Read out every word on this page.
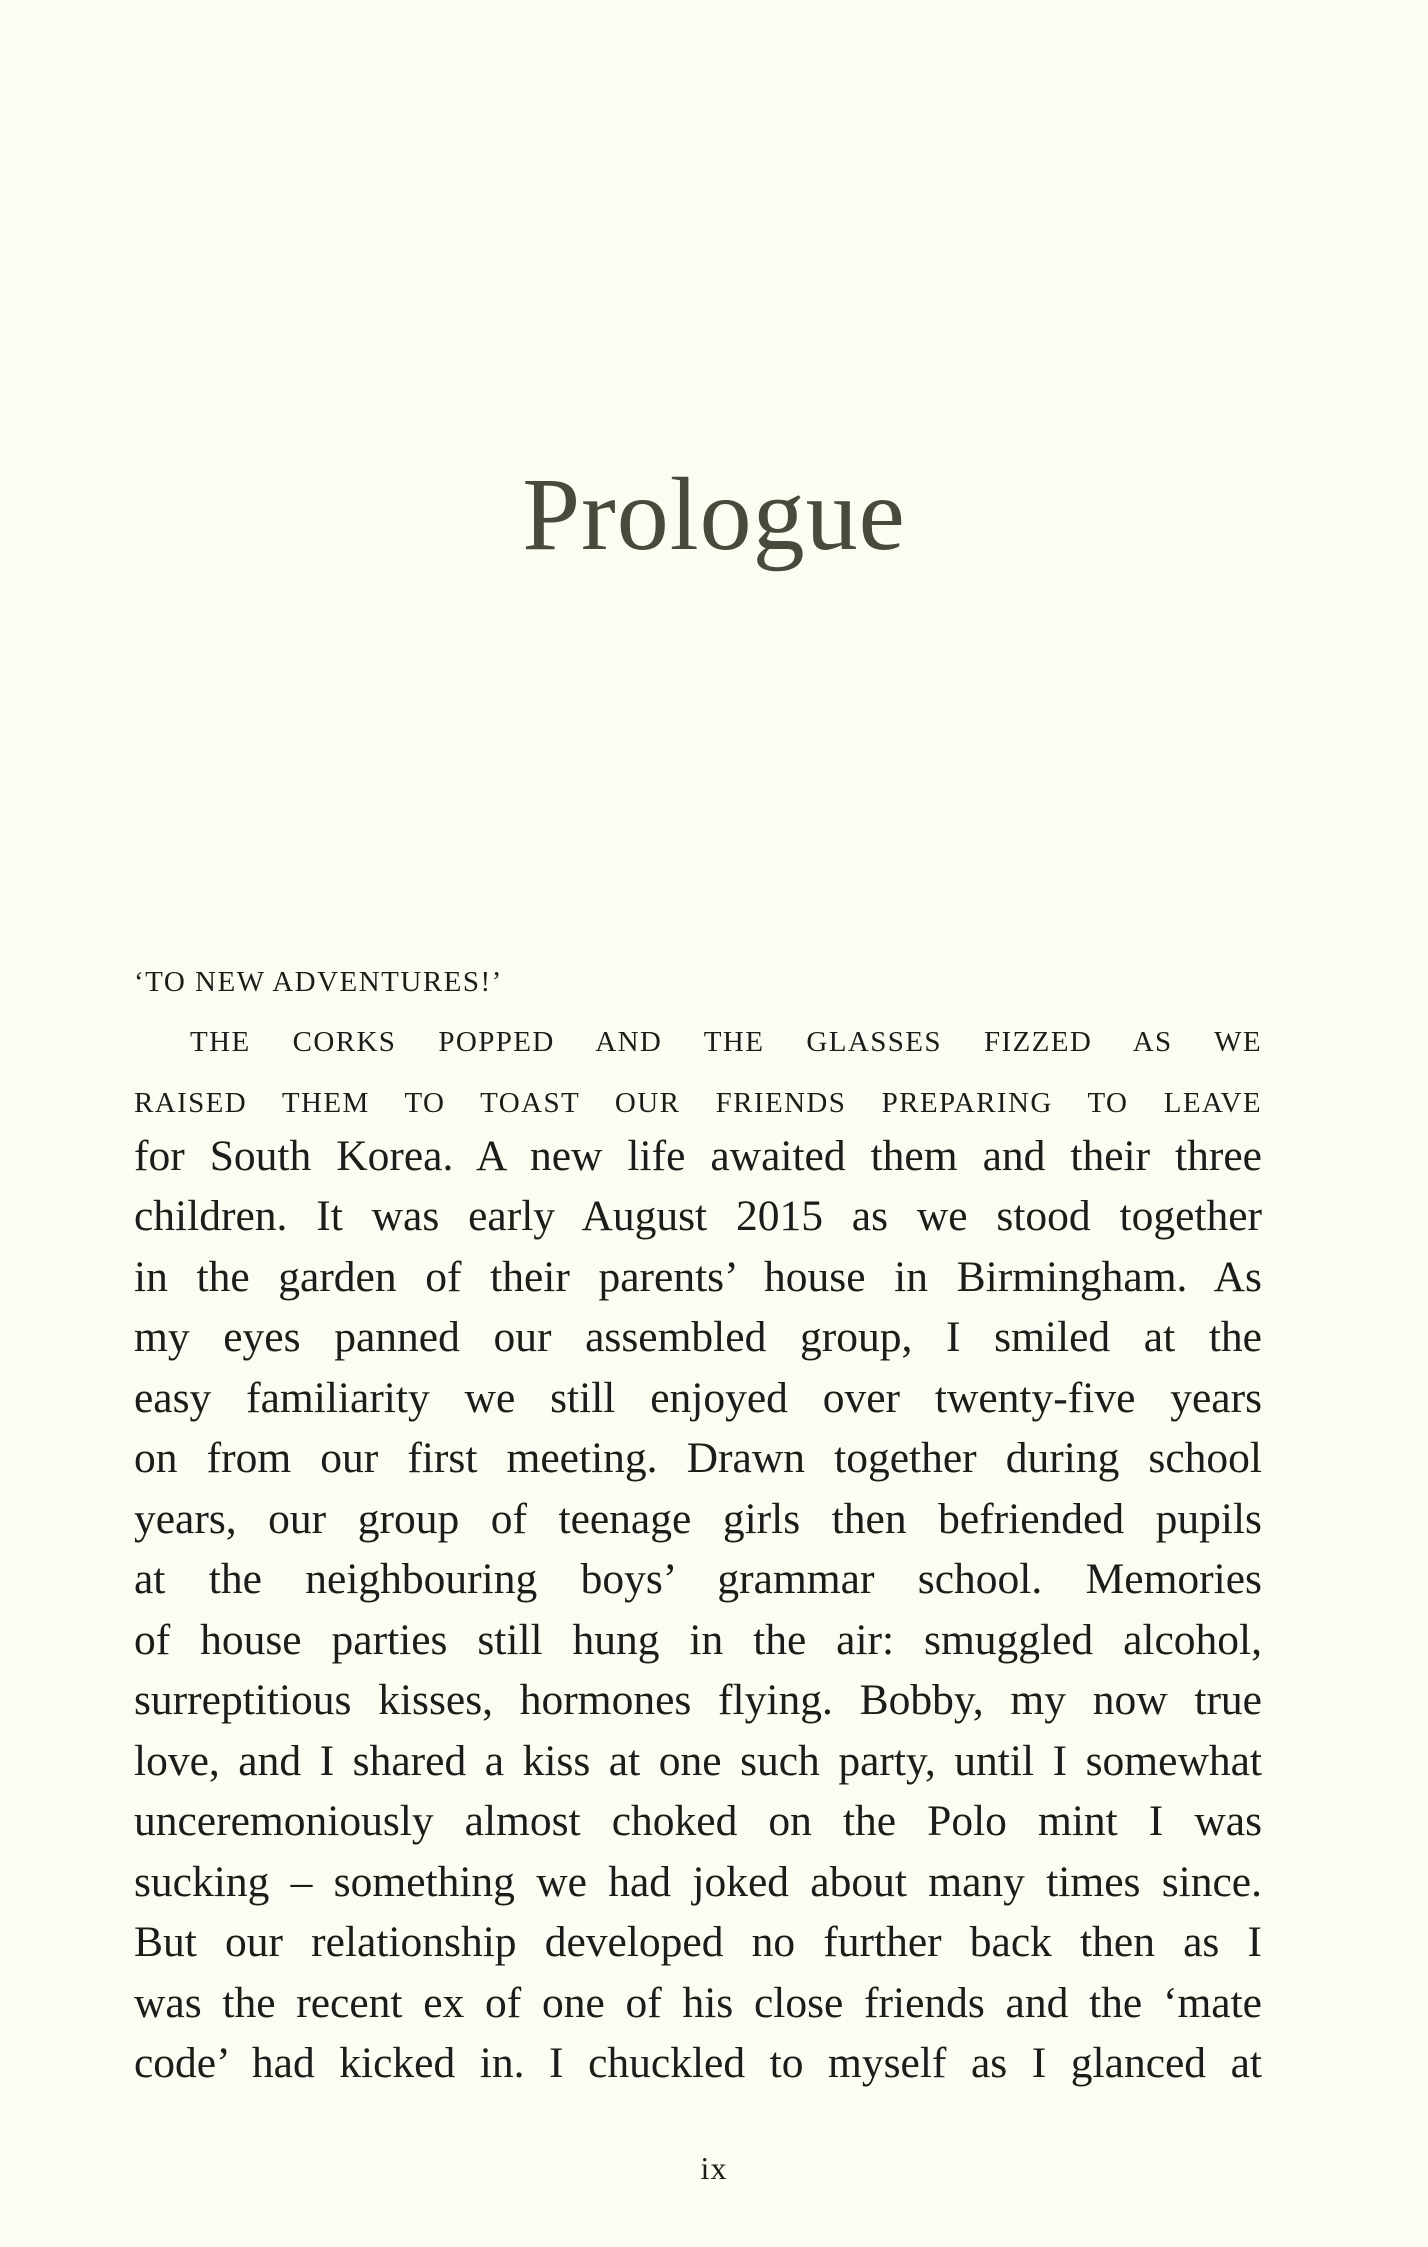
Prologue
‘TO NEW ADVENTURES!’
THE CORKS POPPED AND THE GLASSES FIZZED AS WE
RAISED THEM TO TOAST OUR FRIENDS PREPARING TO LEAVE
for South Korea. A new life awaited them and their three
children. It was early August 2015 as we stood together
in the garden of their parents’ house in Birmingham. As
my eyes panned our assembled group, I smiled at the
easy familiarity we still enjoyed over twenty-five years
on from our first meeting. Drawn together during school
years, our group of teenage girls then befriended pupils
at the neighbouring boys’ grammar school. Memories
of house parties still hung in the air: smuggled alcohol,
surreptitious kisses, hormones flying. Bobby, my now true
love, and I shared a kiss at one such party, until I somewhat
unceremoniously almost choked on the Polo mint I was
sucking – something we had joked about many times since.
But our relationship developed no further back then as I
was the recent ex of one of his close friends and the ‘mate
code’ had kicked in. I chuckled to myself as I glanced at
ix
